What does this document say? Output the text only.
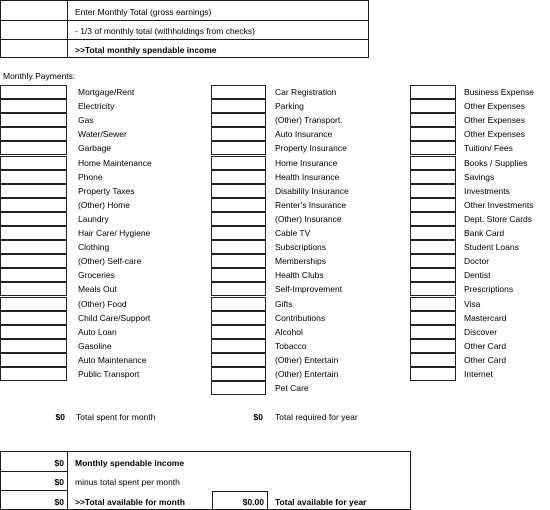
Enter Monthly Total (gross earnings)
- 1/3 of monthly total (withholdings from checks)
>>Total monthly spendable income
Monthly Payments:
Mortgage/Rent
Electricity
Gas
Water/Sewer
Garbage
Home Maintenance
Phone
Property Taxes
(Other) Home
Laundry
Hair Care/ Hygiene
Clothing
(Other) Self-care
Groceries
Meals Out
(Other) Food
Child Care/Support
Auto Loan
Gasoline
Auto Maintenance
Public Transport
Car Registration
Parking
(Other) Transport.
Auto Insurance
Property Insurance
Home Insurance
Health Insurance
Disability Insurance
Renter's Insurance
(Other) Insurance
Cable TV
Subscriptions
Memberships
Health Clubs
Self-Improvement
Gifts
Contributions
Alcohol
Tobacco
(Other) Entertain
(Other) Entertain
Pet Care
Business Expense
Other Expenses
Other Expenses
Other Expenses
Tuition/ Fees
Books / Supplies
Savings
Investments
Other Investments
Dept. Store Cards
Bank Card
Student Loans
Doctor
Dentist
Prescriptions
Visa
Mastercard
Discover
Other Card
Other Card
Internet
$0 Total spent for month	$0 Total required for year
$0 Monthly spendable income
$0 minus total spent per month
$0 >>Total available for month	$0.00 Total available for year
